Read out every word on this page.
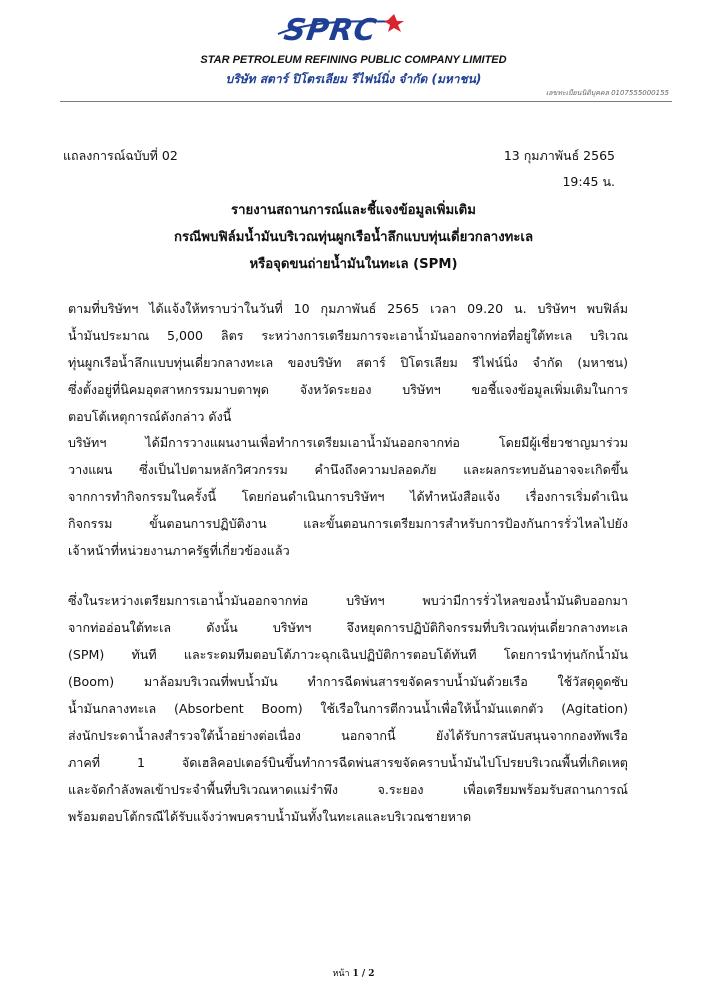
SPRC
STAR PETROLEUM REFINING PUBLIC COMPANY LIMITED
บริษัท สตาร์ ปิโตรเลียม รีไฟน์นิ่ง จำกัด (มหาชน)
เลขทะเบียนนิติบุคคล 0107555000155
แถลงการณ์ฉบับที่ 02	13 กุมภาพันธ์ 2565
19:45 น.
รายงานสถานการณ์และชี้แจงข้อมูลเพิ่มเติม
กรณีพบฟิล์มน้ำมันบริเวณทุ่นผูกเรือน้ำลึกแบบทุ่นเดี่ยวกลางทะเล
หรือจุดขนถ่ายน้ำมันในทะเล (SPM)
ตามที่บริษัทฯ ได้แจ้งให้ทราบว่าในวันที่ 10 กุมภาพันธ์ 2565 เวลา 09.20 น. บริษัทฯ พบฟิล์ม
น้ำมันประมาณ 5,000 ลิตร ระหว่างการเตรียมการจะเอาน้ำมันออกจากท่อที่อยู่ใต้ทะเล บริเวณ
ทุ่นผูกเรือน้ำลึกแบบทุ่นเดี่ยวกลางทะเล ของบริษัท สตาร์ ปิโตรเลียม รีไฟน์นิ่ง จำกัด (มหาชน)
ซึ่งตั้งอยู่ที่นิคมอุตสาหกรรมมาบตาพุด จังหวัดระยอง บริษัทฯ ขอชี้แจงข้อมูลเพิ่มเติมในการ
ตอบโต้เหตุการณ์ดังกล่าว ดังนี้
บริษัทฯ ได้มีการวางแผนงานเพื่อทำการเตรียมเอาน้ำมันออกจากท่อ โดยมีผู้เชี่ยวชาญมาร่วม
วางแผน ซึ่งเป็นไปตามหลักวิศวกรรม คำนึงถึงความปลอดภัย และผลกระทบอันอาจจะเกิดขึ้น
จากการทำกิจกรรมในครั้งนี้ โดยก่อนดำเนินการบริษัทฯ ได้ทำหนังสือแจ้ง เรื่องการเริ่มดำเนิน
กิจกรรม ขั้นตอนการปฏิบัติงาน และขั้นตอนการเตรียมการสำหรับการป้องกันการรั่วไหลไปยัง
เจ้าหน้าที่หน่วยงานภาครัฐที่เกี่ยวข้องแล้ว
ซึ่งในระหว่างเตรียมการเอาน้ำมันออกจากท่อ บริษัทฯ พบว่ามีการรั่วไหลของน้ำมันดิบออกมา
จากท่ออ่อนใต้ทะเล ดังนั้น บริษัทฯ จึงหยุดการปฏิบัติกิจกรรมที่บริเวณทุ่นเดี่ยวกลางทะเล
(SPM) ทันที และระดมทีมตอบโต้ภาวะฉุกเฉินปฏิบัติการตอบโต้ทันที โดยการนำทุ่นกักน้ำมัน
(Boom) มาล้อมบริเวณที่พบน้ำมัน ทำการฉีดพ่นสารขจัดคราบน้ำมันด้วยเรือ ใช้วัสดุดูดซับ
น้ำมันกลางทะเล (Absorbent Boom) ใช้เรือในการตีกวนน้ำเพื่อให้น้ำมันแตกตัว (Agitation)
ส่งนักประดาน้ำลงสำรวจใต้น้ำอย่างต่อเนื่อง นอกจากนี้ ยังได้รับการสนับสนุนจากกองทัพเรือ
ภาคที่ 1 จัดเฮลิคอปเตอร์บินขึ้นทำการฉีดพ่นสารขจัดคราบน้ำมันไปโปรยบริเวณพื้นที่เกิดเหตุ
และจัดกำลังพลเข้าประจำพื้นที่บริเวณหาดแม่รำพึง จ.ระยอง เพื่อเตรียมพร้อมรับสถานการณ์
พร้อมตอบโต้กรณีได้รับแจ้งว่าพบคราบน้ำมันทั้งในทะเลและบริเวณชายหาด
หน้า 1 / 2
